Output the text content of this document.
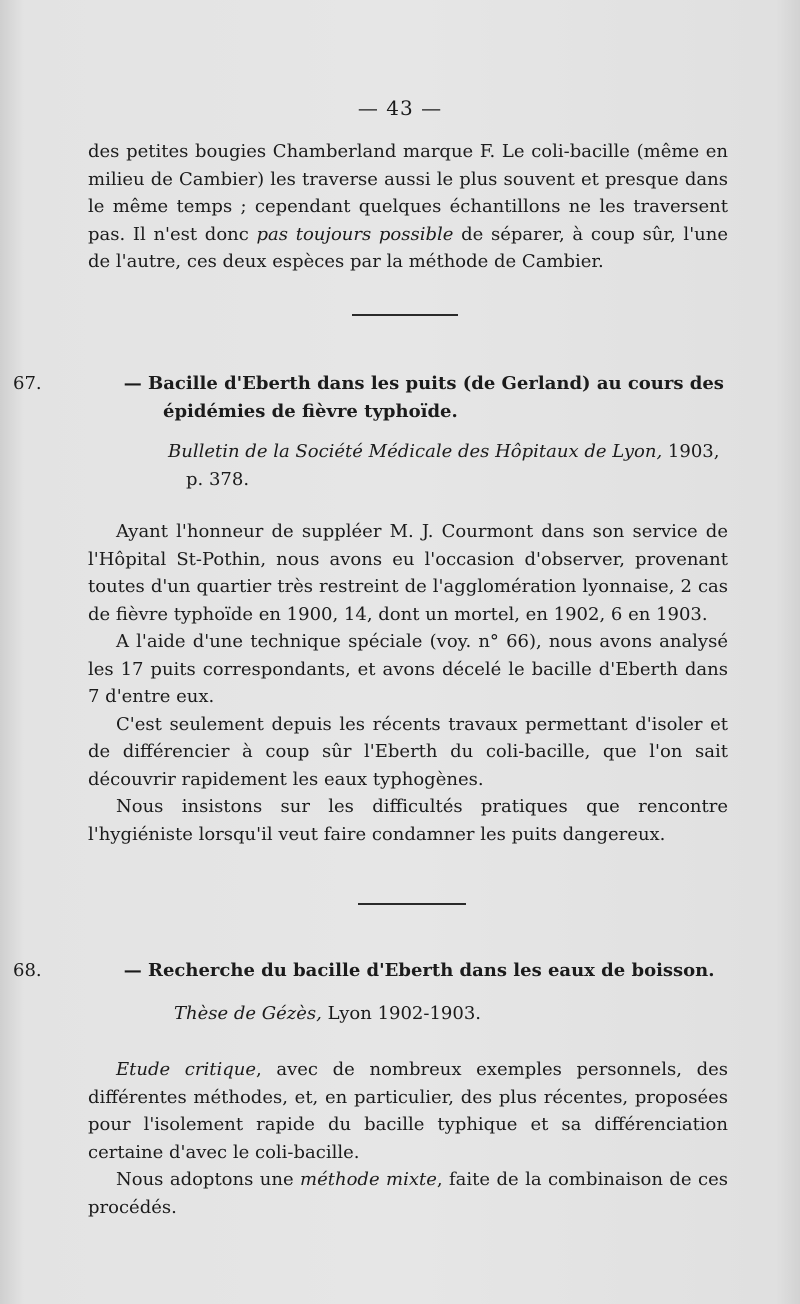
— 43 —

des petites bougies Chamberland marque F. Le coli-bacille (même en milieu de Cambier) les traverse aussi le plus souvent et presque dans le même temps ; cependant quelques échantillons ne les traversent pas. Il n'est donc pas toujours possible de séparer, à coup sûr, l'une de l'autre, ces deux espèces par la méthode de Cambier.

67.	— Bacille d'Eberth dans les puits (de Gerland) au cours des épidémies de fièvre typhoïde.
Bulletin de la Société Médicale des Hôpitaux de Lyon, 1903,
p. 378.

Ayant l'honneur de suppléer M. J. Courmont dans son service de l'Hôpital St-Pothin, nous avons eu l'occasion d'observer, provenant toutes d'un quartier très restreint de l'agglomération lyonnaise, 2 cas de fièvre typhoïde en 1900, 14, dont un mortel, en 1902, 6 en 1903.

A l'aide d'une technique spéciale (voy. n° 66), nous avons analysé les 17 puits correspondants, et avons décelé le bacille d'Eberth dans 7 d'entre eux.

C'est seulement depuis les récents travaux permettant d'isoler et de différencier à coup sûr l'Eberth du coli-bacille, que l'on sait découvrir rapidement les eaux typhogènes.

Nous insistons sur les difficultés pratiques que rencontre l'hygiéniste lorsqu'il veut faire condamner les puits dangereux.

68.	— Recherche du bacille d'Eberth dans les eaux de boisson.
Thèse de Gézès, Lyon 1902-1903.

Etude critique, avec de nombreux exemples personnels, des différentes méthodes, et, en particulier, des plus récentes, proposées pour l'isolement rapide du bacille typhique et sa différenciation certaine d'avec le coli-bacille.

Nous adoptons une méthode mixte, faite de la combinaison de ces procédés.
